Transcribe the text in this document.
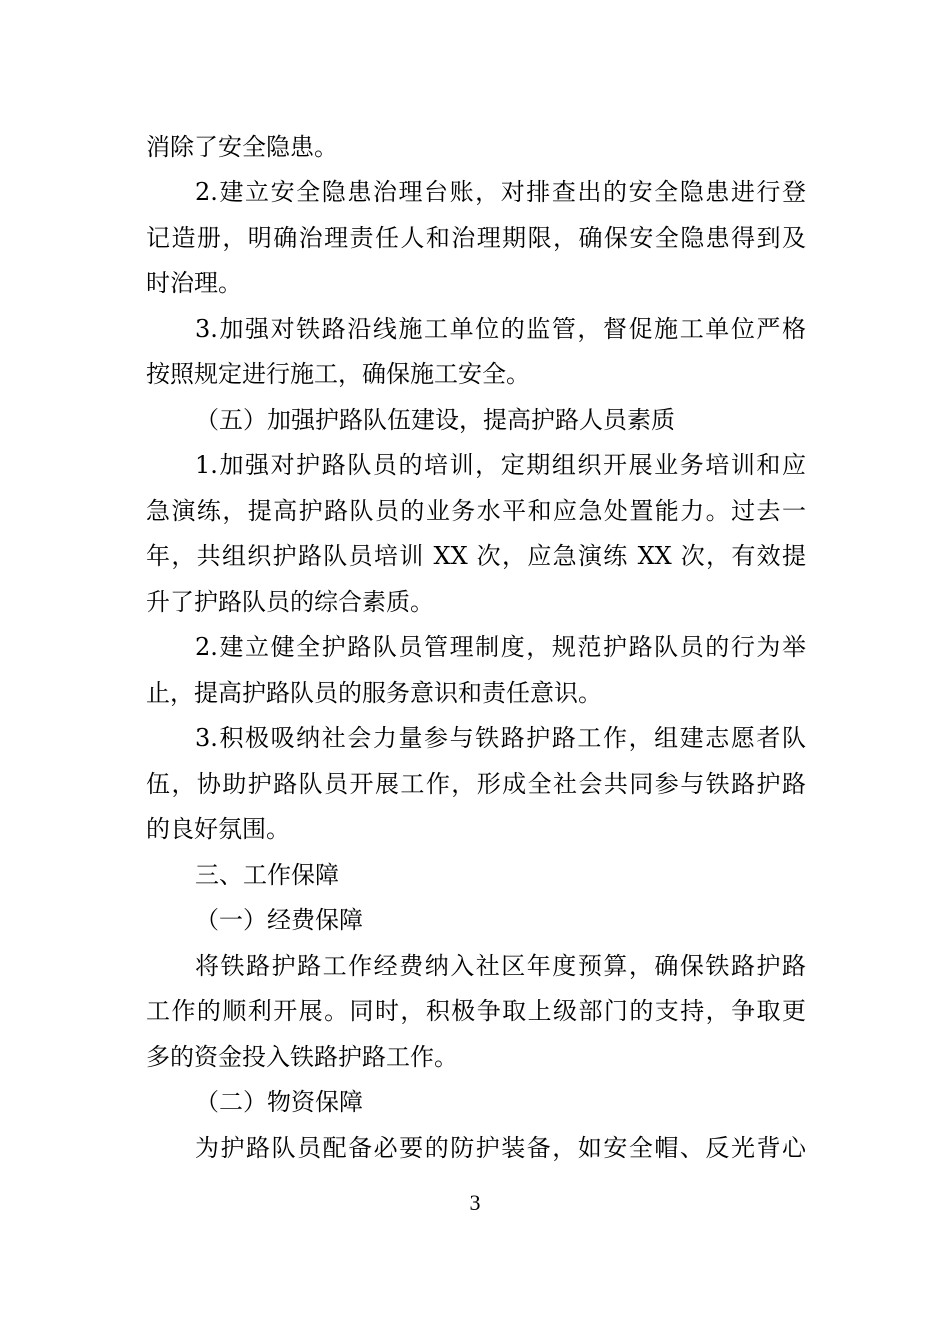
消除了安全隐患。
2.建立安全隐患治理台账，对排查出的安全隐患进行登
记造册，明确治理责任人和治理期限，确保安全隐患得到及
时治理。
3.加强对铁路沿线施工单位的监管，督促施工单位严格
按照规定进行施工，确保施工安全。
（五）加强护路队伍建设，提高护路人员素质
1.加强对护路队员的培训，定期组织开展业务培训和应
急演练，提高护路队员的业务水平和应急处置能力。过去一
年，共组织护路队员培训 XX 次，应急演练 XX 次，有效提
升了护路队员的综合素质。
2.建立健全护路队员管理制度，规范护路队员的行为举
止，提高护路队员的服务意识和责任意识。
3.积极吸纳社会力量参与铁路护路工作，组建志愿者队
伍，协助护路队员开展工作，形成全社会共同参与铁路护路
的良好氛围。
三、工作保障
（一）经费保障
将铁路护路工作经费纳入社区年度预算，确保铁路护路
工作的顺利开展。同时，积极争取上级部门的支持，争取更
多的资金投入铁路护路工作。
（二）物资保障
为护路队员配备必要的防护装备，如安全帽、反光背心
3
